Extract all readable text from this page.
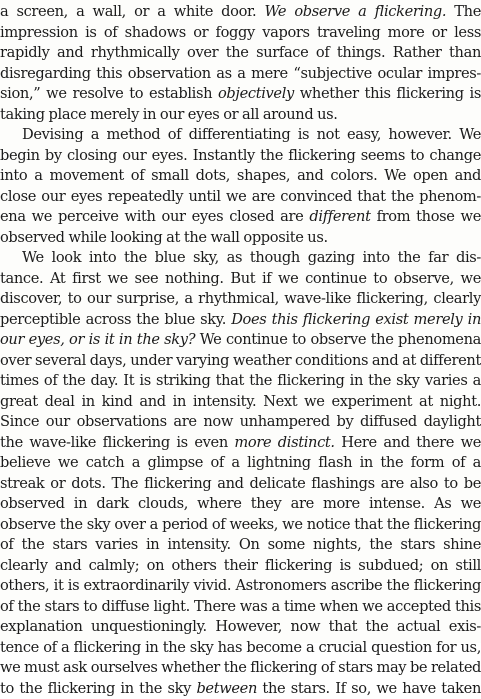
a screen, a wall, or a white door. We observe a flickering. The
impression is of shadows or foggy vapors traveling more or less
rapidly and rhythmically over the surface of things. Rather than
disregarding this observation as a mere “subjective ocular impres-
sion,” we resolve to establish objectively whether this flickering is
taking place merely in our eyes or all around us.
Devising a method of differentiating is not easy, however. We
begin by closing our eyes. Instantly the flickering seems to change
into a movement of small dots, shapes, and colors. We open and
close our eyes repeatedly until we are convinced that the phenom-
ena we perceive with our eyes closed are different from those we
observed while looking at the wall opposite us.
We look into the blue sky, as though gazing into the far dis-
tance. At first we see nothing. But if we continue to observe, we
discover, to our surprise, a rhythmical, wave-like flickering, clearly
perceptible across the blue sky. Does this flickering exist merely in
our eyes, or is it in the sky? We continue to observe the phenomena
over several days, under varying weather conditions and at different
times of the day. It is striking that the flickering in the sky varies a
great deal in kind and in intensity. Next we experiment at night.
Since our observations are now unhampered by diffused daylight
the wave-like flickering is even more distinct. Here and there we
believe we catch a glimpse of a lightning flash in the form of a
streak or dots. The flickering and delicate flashings are also to be
observed in dark clouds, where they are more intense. As we
observe the sky over a period of weeks, we notice that the flickering
of the stars varies in intensity. On some nights, the stars shine
clearly and calmly; on others their flickering is subdued; on still
others, it is extraordinarily vivid. Astronomers ascribe the flickering
of the stars to diffuse light. There was a time when we accepted this
explanation unquestioningly. However, now that the actual exis-
tence of a flickering in the sky has become a crucial question for us,
we must ask ourselves whether the flickering of stars may be related
to the flickering in the sky between the stars. If so, we have taken
